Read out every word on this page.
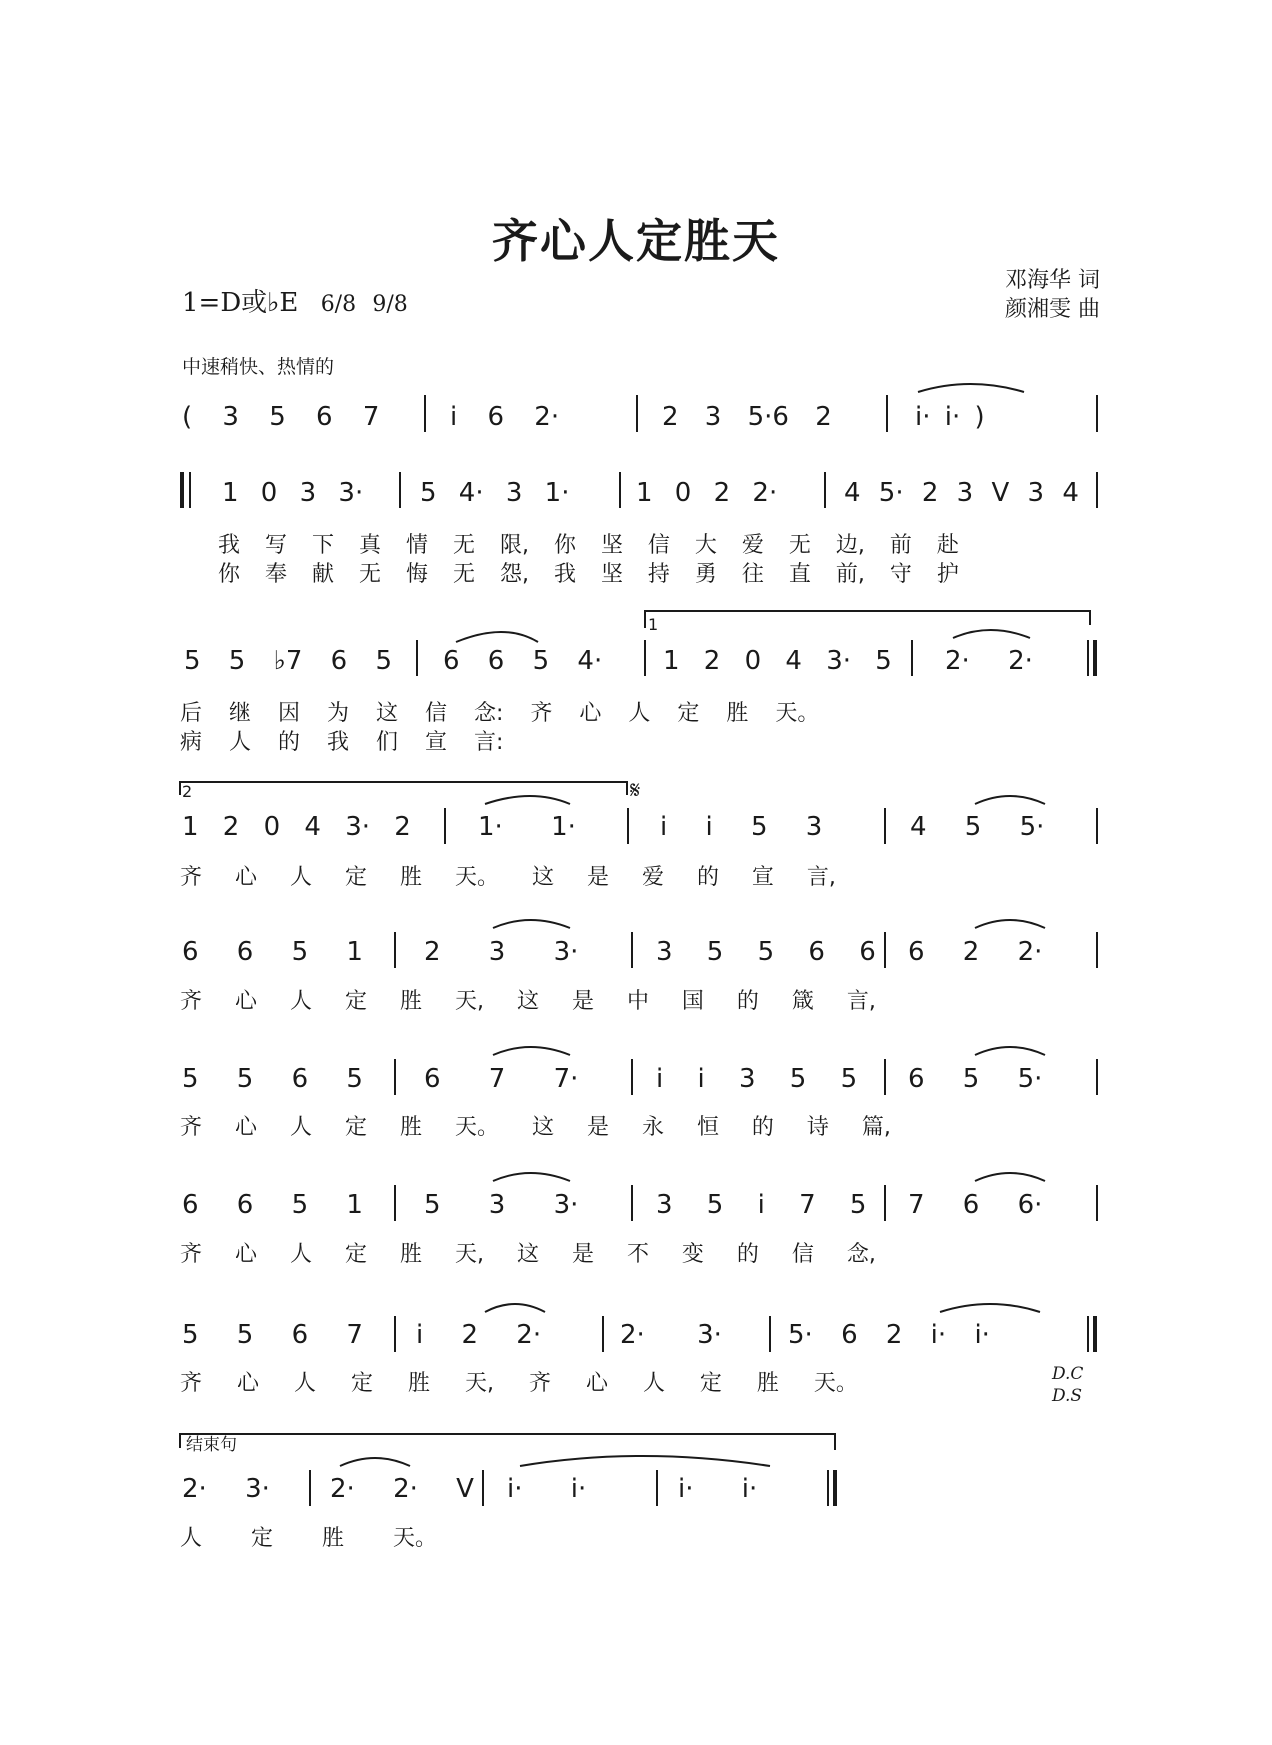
齐心人定胜天
1=D或♭E 6/8 9/8
邓海华 词
颜湘雯 曲
中速稍快、热情的
( 3 5 6 7	i 6 2·	2 3 5·6 2	i· i· )
1 0 3 3· 5 4· 3 1·	1 0 2 2·	4 5· 2 3 V 3 4
我 写 下 真 情 无 限, 你 坚 信 大 爱 无 边, 前 赴
你 奉 献 无 悔 无 怨, 我 坚 持 勇 往 直 前, 守 护
1
5 5 ♭7 6 5 6 6 5 4· 1 2 0 4 3· 5 2· 2·
后 继 因 为 这 信 念: 齐 心 人 定 胜 天。
病 人 的 我 们 宣 言:
2	𝄋
1 2 0 4 3· 2	1· 1·	i i 5 3	4 5 5·
齐 心 人 定 胜 天。 这 是 爱 的 宣 言,
6 6 5 1 2 3 3·	3 5 5 6 6 6 2 2·
齐 心 人 定 胜 天, 这 是 中 国 的 箴 言,
5 5 6 5 6 7 7·	i i 3 5 5 6 5 5·
齐 心 人 定 胜 天。 这 是 永 恒 的 诗 篇,
6 6 5 1 5 3 3·	3 5 i 7 5 7 6 6·
齐 心 人 定 胜 天, 这 是 不 变 的 信 念,
5 5 6 7 i 2 2·	2· 3·	5· 6 2 i· i·
齐 心 人 定 胜 天, 齐 心 人 定 胜 天。	D.C
D.S
结束句
2· 3· 2· 2· V i· i·	i· i·
人 定 胜 天。
